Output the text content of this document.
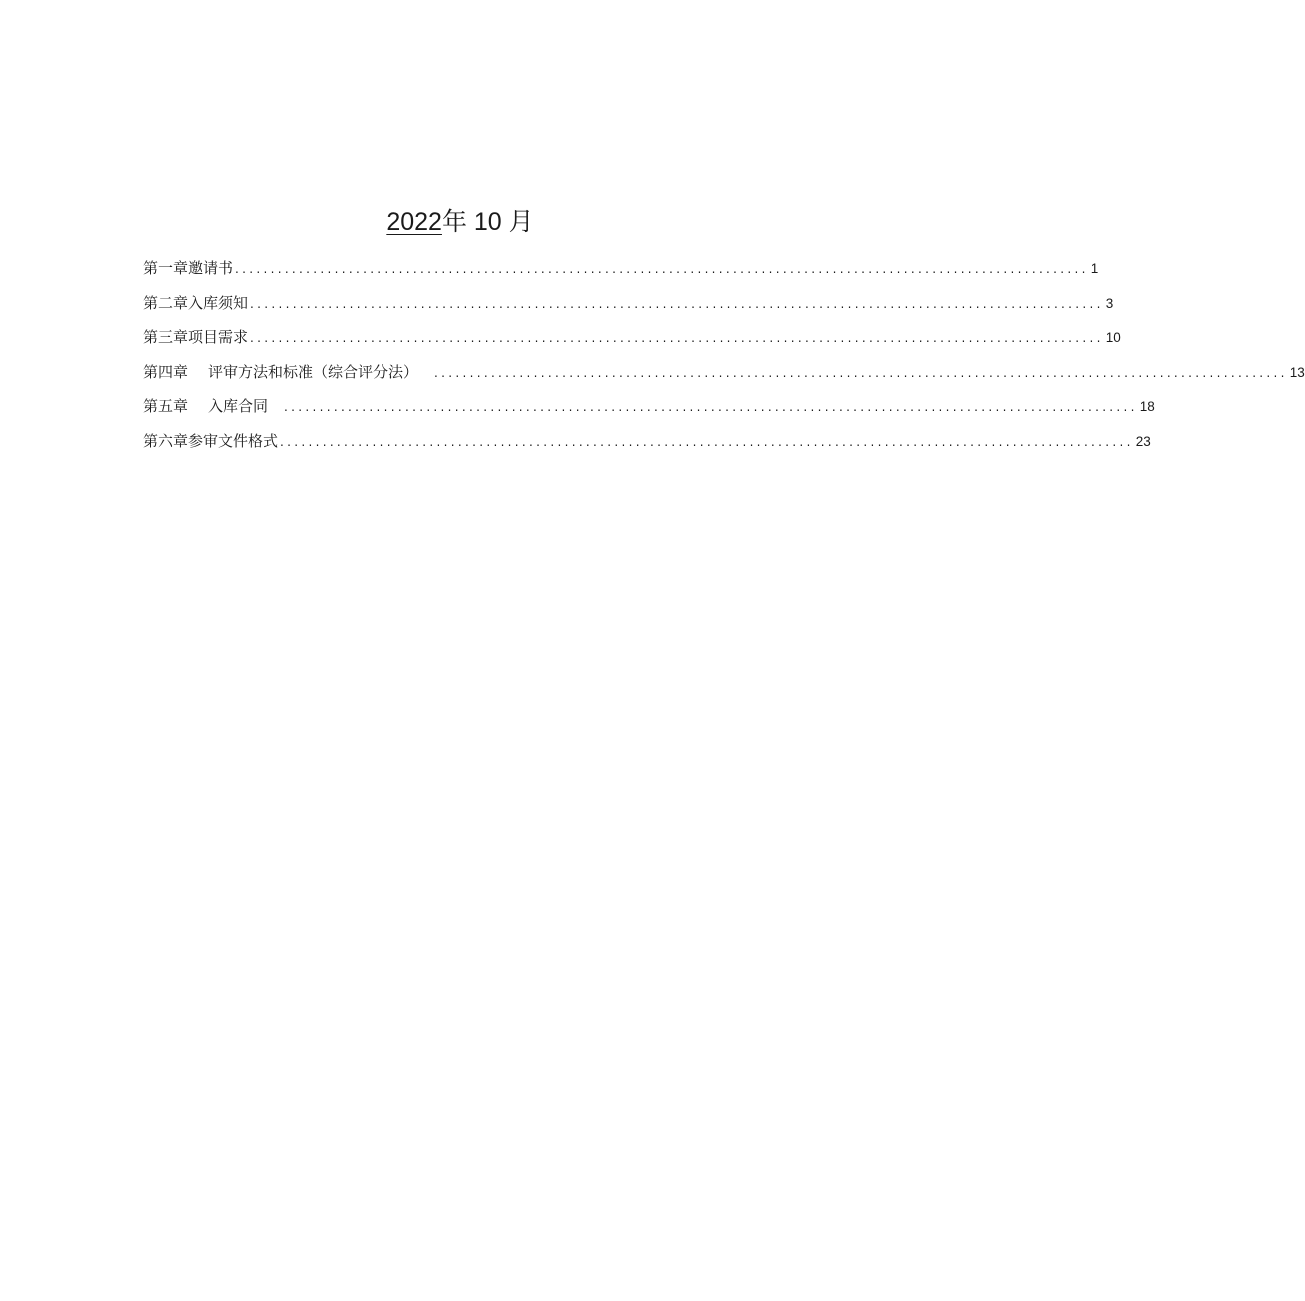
2022年 10 月
第一章邀请书 ........................................................................................................................ 1
第二章入库须知 ........................................................................................................................ 3
第三章项目需求 ........................................................................................................................ 10
第四章 评审方法和标准（综合评分法） ........................................................................................................................ 13
第五章 入库合同 ........................................................................................................................ 18
第六章参审文件格式 ........................................................................................................................ 23
